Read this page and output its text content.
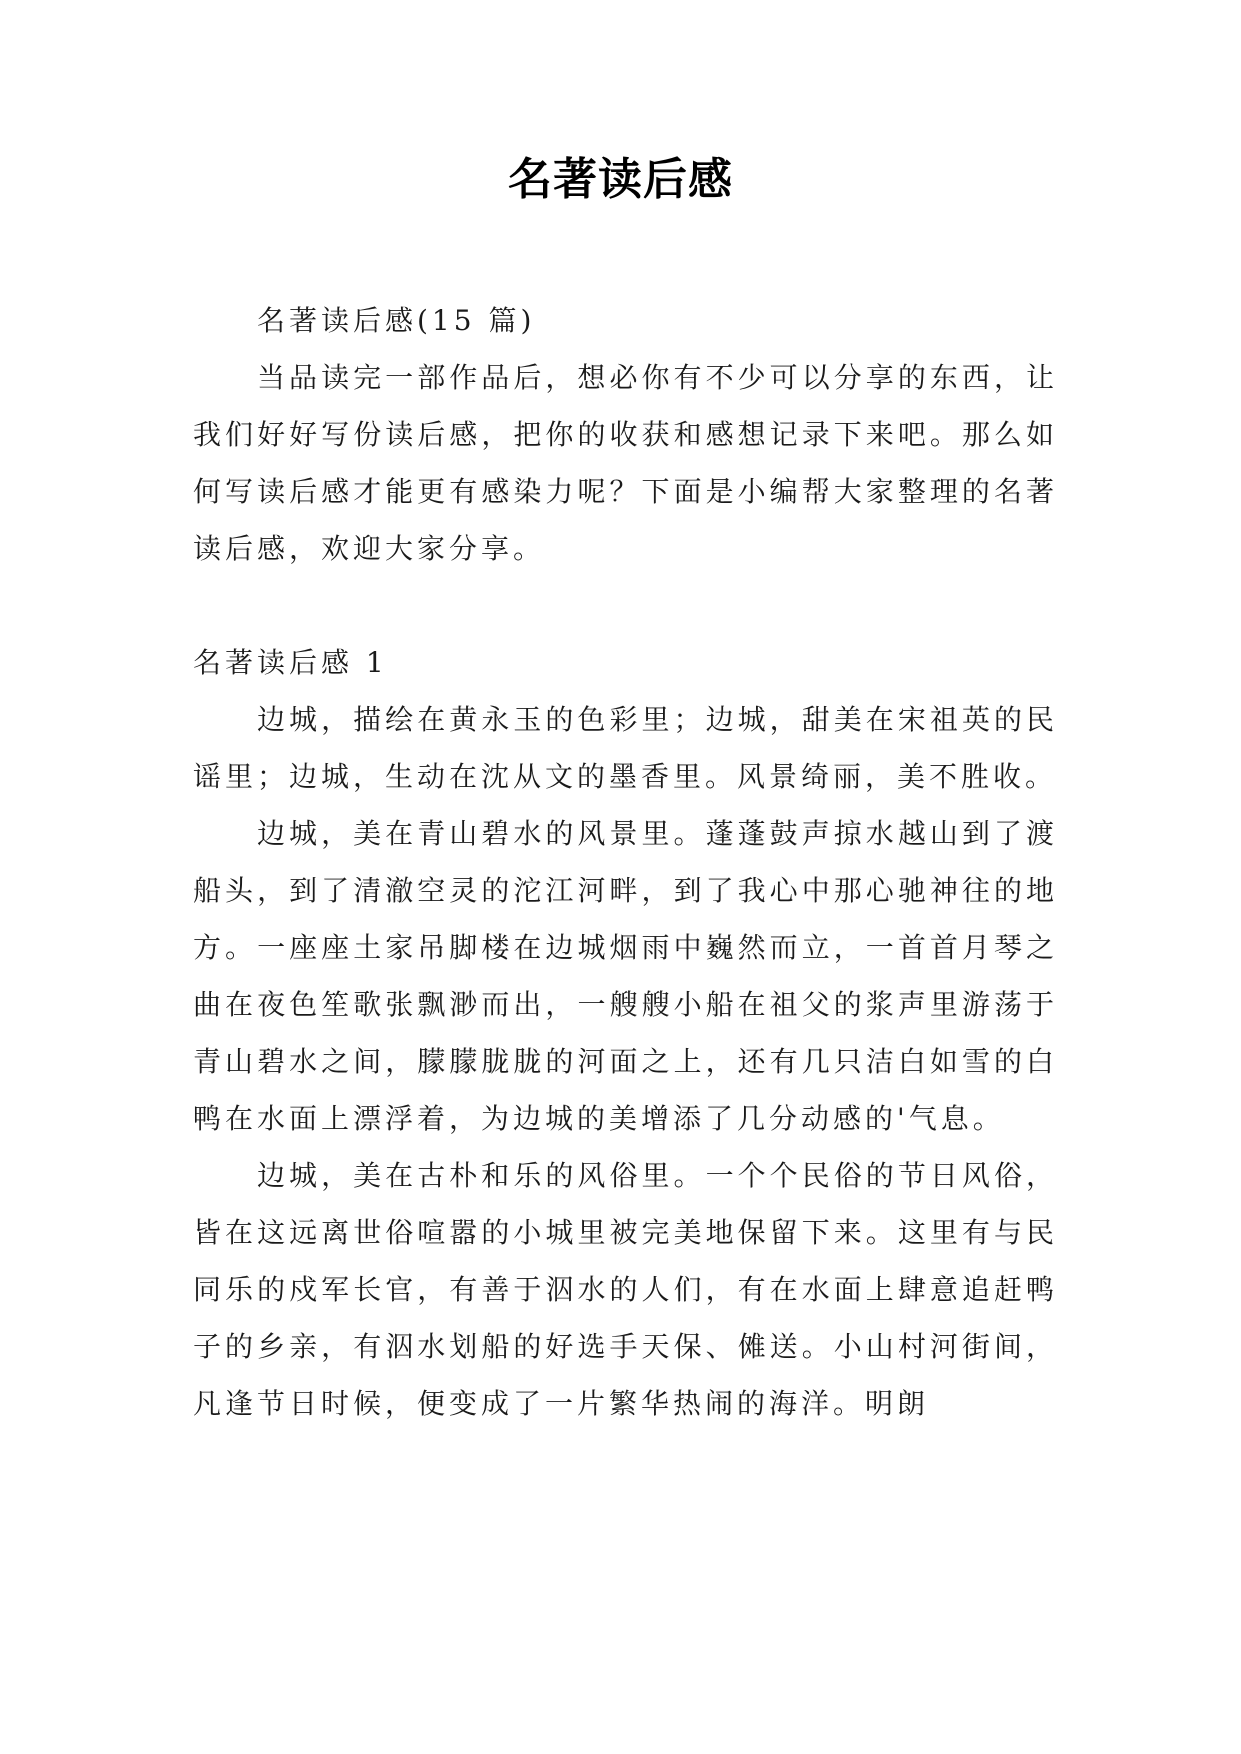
名著读后感

名著读后感(15 篇)

当品读完一部作品后，想必你有不少可以分享的东西，让我们好好写份读后感，把你的收获和感想记录下来吧。那么如何写读后感才能更有感染力呢？下面是小编帮大家整理的名著读后感，欢迎大家分享。

名著读后感 1

边城，描绘在黄永玉的色彩里；边城，甜美在宋祖英的民谣里；边城，生动在沈从文的墨香里。风景绮丽，美不胜收。

边城，美在青山碧水的风景里。蓬蓬鼓声掠水越山到了渡船头，到了清澈空灵的沱江河畔，到了我心中那心驰神往的地方。一座座土家吊脚楼在边城烟雨中巍然而立，一首首月琴之曲在夜色笙歌张飘渺而出，一艘艘小船在祖父的浆声里游荡于青山碧水之间，朦朦胧胧的河面之上，还有几只洁白如雪的白鸭在水面上漂浮着，为边城的美增添了几分动感的'气息。

边城，美在古朴和乐的风俗里。一个个民俗的节日风俗，皆在这远离世俗喧嚣的小城里被完美地保留下来。这里有与民同乐的戍军长官，有善于泅水的人们，有在水面上肆意追赶鸭子的乡亲，有泅水划船的好选手天保、傩送。小山村河街间，凡逢节日时候，便变成了一片繁华热闹的海洋。明朗
